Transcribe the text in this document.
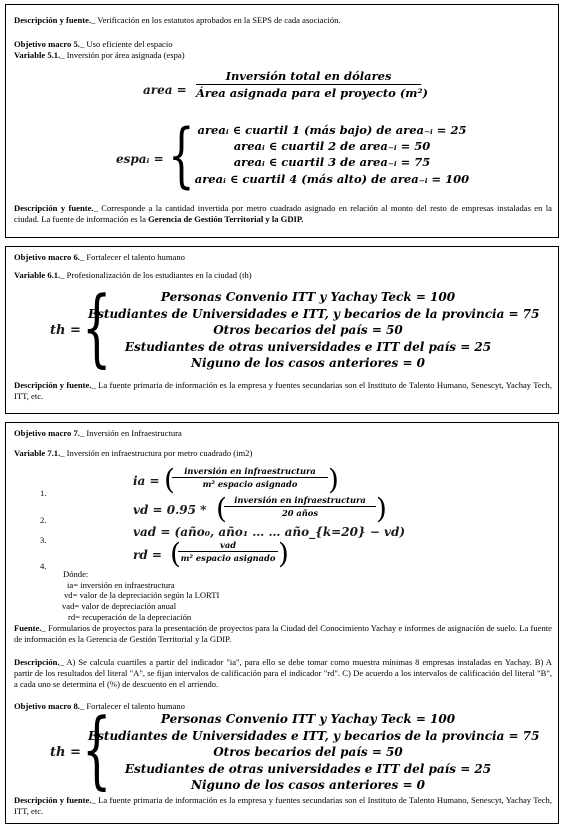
Descripción y fuente._ Verificación en los estatutos aprobados en la SEPS de cada asociación.
Objetivo macro 5._ Uso eficiente del espacio
Variable 5.1._ Inversión por área asignada (espa)
area =
Inversión total en dólares
Área asignada para el proyecto (m²)
espaᵢ = { areaᵢ ∈ cuartil 1 (más bajo) de area₋ᵢ = 25
areaᵢ ∈ cuartil 2 de area₋ᵢ = 50
areaᵢ ∈ cuartil 3 de area₋ᵢ = 75
areaᵢ ∈ cuartil 4 (más alto) de area₋ᵢ = 100
Descripción y fuente._ Corresponde a la cantidad invertida por metro cuadrado asignado en relación al monto del resto de empresas instaladas en la ciudad. La fuente de información es la Gerencia de Gestión Territorial y la GDIP.
Objetivo macro 6._ Fortalecer el talento humano
Variable 6.1._ Profesionalización de los estudiantes en la ciudad (th)
th = {	Personas Convenio ITT y Yachay Teck = 100
Estudiantes de Universidades e ITT, y becarios de la provincia = 75
Otros becarios del país = 50
Estudiantes de otras universidades e ITT del país = 25
Niguno de los casos anteriores = 0
Descripción y fuente._ La fuente primaria de información es la empresa y fuentes secundarias son el Instituto de Talento Humano, Senescyt, Yachay Tech, ITT, etc.
Objetivo macro 7._ Inversión en Infraestructura
Variable 7.1._ Inversión en infraestructura por metro cuadrado (im2)
1.
2.
3.
4.
ia = (	inversión en infraestructura
m² espacio asignado	)
vd = 0.95 * ( inversión en infraestructura
20 años	)
vad = (año₀, año₁ … … año_{k=20} − vd)
rd = (	vad
m² espacio asignado )
Dónde:
ia= inversión en infraestructura
vd= valor de la depreciación según la LORTI
vad= valor de depreciación anual
rd= recuperación de la depreciación
Fuente._ Formularios de proyectos para la presentación de proyectos para la Ciudad del Conocimiento Yachay e informes de asignación de suelo. La fuente de información es la Gerencia de Gestión Territorial y la GDIP.
Descripción._ A) Se calcula cuartiles a partir del indicador "ia", para ello se debe tomar como muestra mínimas 8 empresas instaladas en Yachay. B) A partir de los resultados del literal "A", se fijan intervalos de calificación para el indicador "rd". C) De acuerdo a los intervalos de calificación del literal "B", a cada uno se determina el (%) de descuento en el arriendo.
Objetivo macro 8._ Fortalecer el talento humano
th = {	Personas Convenio ITT y Yachay Teck = 100
Estudiantes de Universidades e ITT, y becarios de la provincia = 75
Otros becarios del país = 50
Estudiantes de otras universidades e ITT del país = 25
Niguno de los casos anteriores = 0
Descripción y fuente._ La fuente primaria de información es la empresa y fuentes secundarias son el Instituto de Talento Humano, Senescyt, Yachay Tech, ITT, etc.
